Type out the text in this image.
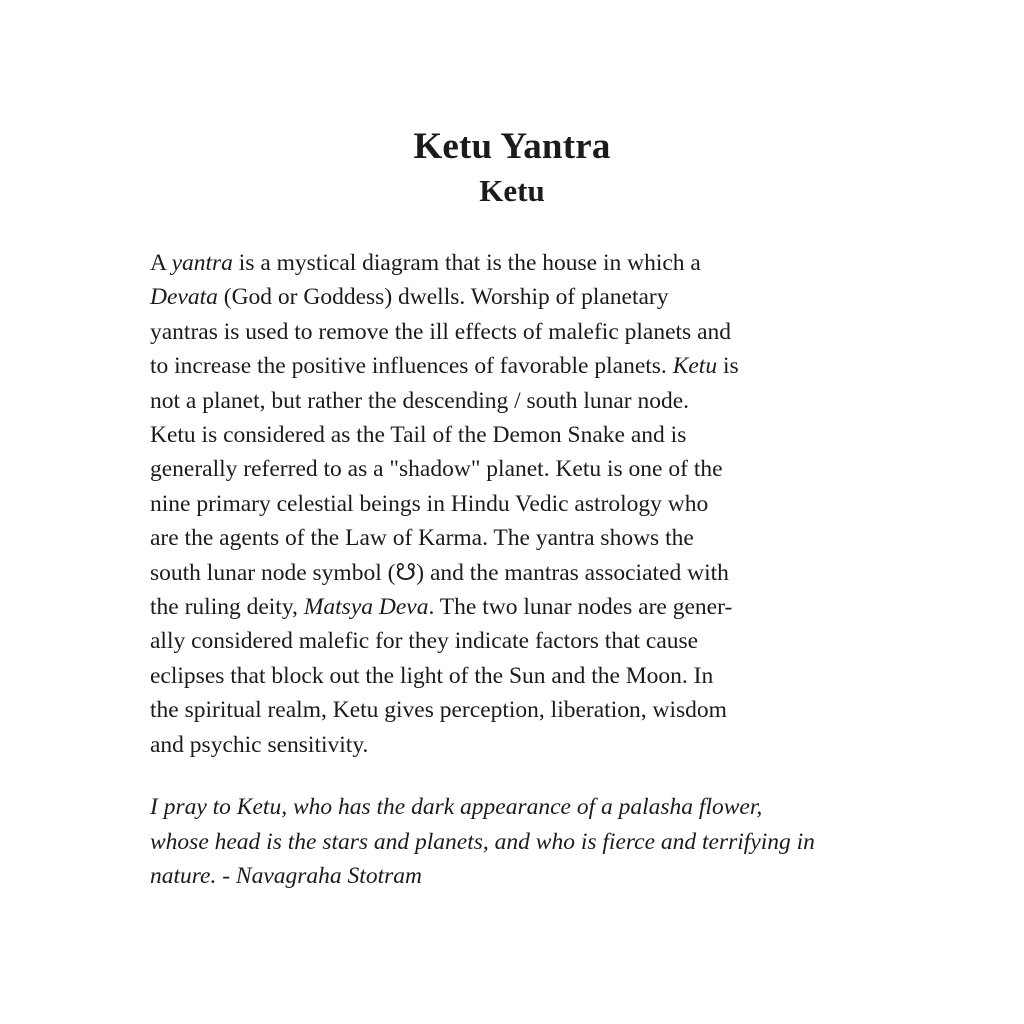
Ketu Yantra
Ketu
A yantra is a mystical diagram that is the house in which a
Devata (God or Goddess) dwells. Worship of planetary
yantras is used to remove the ill effects of malefic planets and
to increase the positive influences of favorable planets. Ketu is
not a planet, but rather the descending / south lunar node.
Ketu is considered as the Tail of the Demon Snake and is
generally referred to as a "shadow" planet. Ketu is one of the
nine primary celestial beings in Hindu Vedic astrology who
are the agents of the Law of Karma. The yantra shows the
south lunar node symbol (☋) and the mantras associated with
the ruling deity, Matsya Deva. The two lunar nodes are gener-
ally considered malefic for they indicate factors that cause
eclipses that block out the light of the Sun and the Moon. In
the spiritual realm, Ketu gives perception, liberation, wisdom
and psychic sensitivity.
I pray to Ketu, who has the dark appearance of a palasha flower,
whose head is the stars and planets, and who is fierce and terrifying in
nature. - Navagraha Stotram
